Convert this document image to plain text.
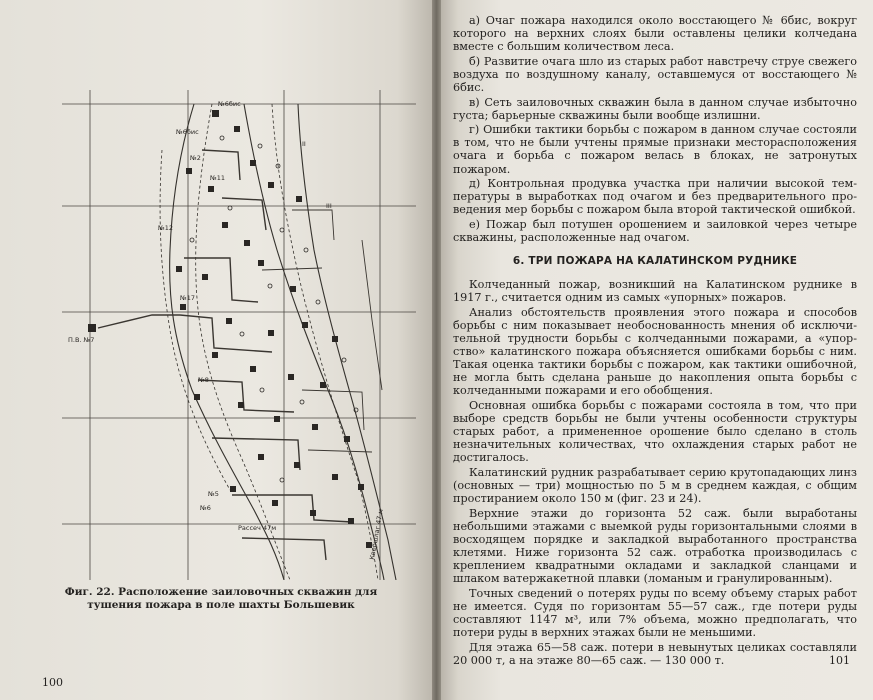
П.В. №7
№6бис
№2
№11
№6бис
№12
№17
№8
№5
№6
II
III
Рассеч 47м	Квершлаг 47 м
Фиг. 22. Расположение заиловочных скважин для тушения пожара в поле шахты Большевик
100

а) Очаг пожара находился около восстающего № 6бис, вокруг которого на верхних слоях были оставлены целики колчедана вместе с большим количеством леса.

б) Развитие очага шло из старых работ навстречу струе свежего воздуха по воздушному каналу, оставшемуся от восстающего № 6бис.

в) Сеть заиловочных скважин была в данном случае избыточно густа; барьерные скважины были вообще излишни.

г) Ошибки тактики борьбы с пожаром в данном случае состояли в том, что не были учтены прямые признаки месторасположения очага и борьба с пожаром велась в блоках, не затронутых пожаром.

д) Контрольная продувка участка при наличии высокой температуры в выработках под очагом и без предварительного проведения мер борьбы с пожаром была второй тактической ошибкой.

е) Пожар был потушен орошением и заиловкой через четыре скважины, расположенные над очагом.

6. ТРИ ПОЖАРА НА КАЛАТИНСКОМ РУДНИКЕ

Колчеданный пожар, возникший на Калатинском руднике в 1917 г., считается одним из самых «упорных» пожаров.

Анализ обстоятельств проявления этого пожара и способов борьбы с ним показывает необоснованность мнения об исключительной трудности борьбы с колчеданными пожарами, а «упорство» калатинского пожара объясняется ошибками борьбы с ним. Такая оценка тактики борьбы с пожаром, как тактики ошибочной, не могла быть сделана раньше до накопления опыта борьбы с колчеданными пожарами и его обобщения.

Основная ошибка борьбы с пожарами состояла в том, что при выборе средств борьбы не были учтены особенности структуры старых работ, а примененное орошение было сделано в столь незначительных количествах, что охлаждения старых работ не достигалось.

Калатинский рудник разрабатывает серию крутопадающих линз (основных — три) мощностью по 5 м в среднем каждая, с общим простиранием около 150 м (фиг. 23 и 24).

Верхние этажи до горизонта 52 саж. были выработаны небольшими этажами с выемкой руды горизонтальными слоями в восходящем порядке и закладкой выработанного пространства клетями. Ниже горизонта 52 саж. отработка производилась с креплением квадратными окладами и закладкой сланцами и шлаком ватержакетной плавки (ломаным и гранулированным).

Точных сведений о потерях руды по всему объему старых работ не имеется. Судя по горизонтам 55—57 саж., где потери руды составляют 1147 м³, или 7% объема, можно предполагать, что потери руды в верхних этажах были не меньшими.

Для этажа 65—58 саж. потери в невынутых целиках составляли 20 000 т, а на этаже 80—65 саж. — 130 000 т.	101
